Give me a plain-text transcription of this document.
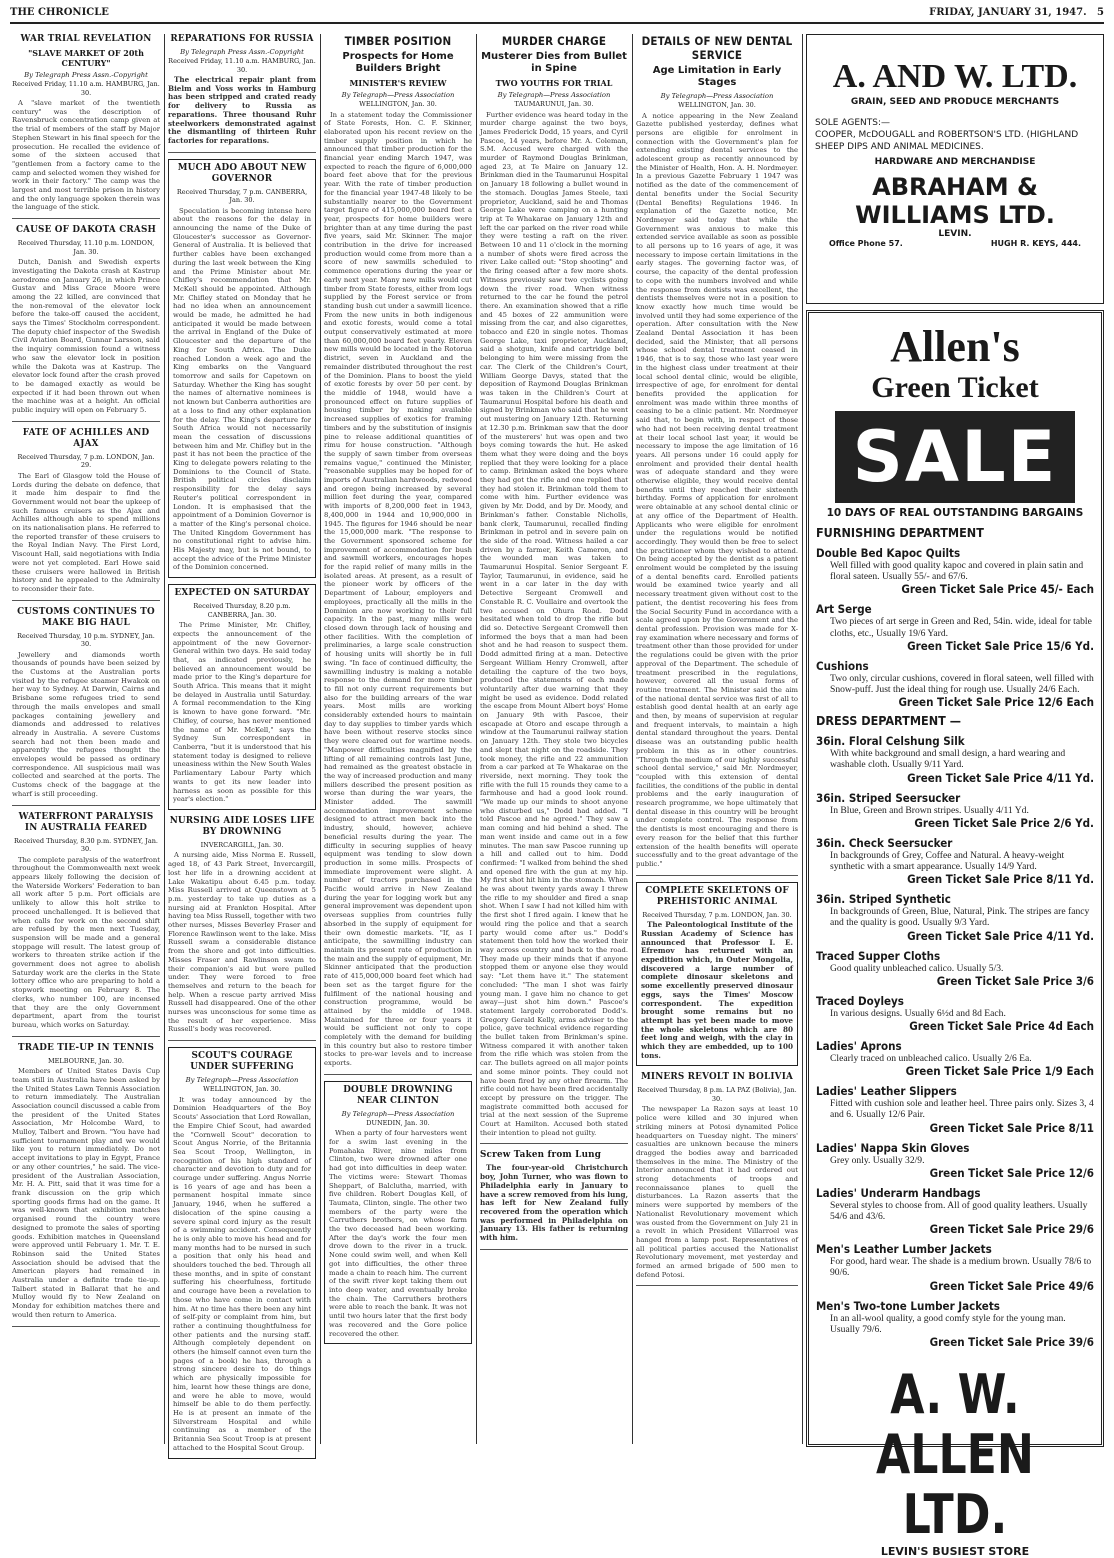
THE CHRONICLE	FRIDAY, JANUARY 31, 1947. 5
WAR TRIAL REVELATION
"SLAVE MARKET OF 20th CENTURY"
By Telegraph Press Assn.-Copyright
Received Friday, 11.10 a.m. HAMBURG, Jan. 30.
A "slave market of the twentieth century" was the description of Ravensbruck concentration camp given at the trial of members of the staff by Major Stephen Stewart in his final speech for the prosecution. He recalled the evidence of some of the sixteen accused that "gentlemen from a factory came to the camp and selected women they wished for work in their factory." The camp was the largest and most terrible prison in history and the only language spoken therein was the language of the stick.
CAUSE OF DAKOTA CRASH
Received Thursday, 11.10 p.m. LONDON, Jan. 30.
Dutch, Danish and Swedish experts investigating the Dakota crash at Kastrup aerodrome on January 26, in which Prince Gustav and Miss Grace Moore were among the 22 killed, are convinced that the non-removal of the elevator lock before the take-off caused the accident, says the Times' Stockholm correspondent. The deputy chief inspector of the Swedish Civil Aviation Board, Gunnar Larsson, said the inquiry commission found a witness who saw the elevator lock in position while the Dakota was at Kastrup. The elevator lock found after the crash proved to be damaged exactly as would be expected if it had been thrown out when the machine was at a height. An official public inquiry will open on February 5.
FATE OF ACHILLES AND AJAX
Received Thursday, 7 p.m. LONDON, Jan. 29.
The Earl of Glasgow told the House of Lords during the debate on defence, that it made him despair to find the Government would not bear the upkeep of such famous cruisers as the Ajax and Achilles although able to spend millions on its nationalisation plans. He referred to the reported transfer of these cruisers to the Royal Indian Navy. The First Lord, Viscount Hall, said negotiations with India were not yet completed. Earl Howe said these cruisers were hallowed in British history and he appealed to the Admiralty to reconsider their fate.
CUSTOMS CONTINUES TO MAKE BIG HAUL
Received Thursday, 10 p.m. SYDNEY, Jan. 30.
Jewellery and diamonds worth thousands of pounds have been seized by the Customs at the Australian ports visited by the refugee steamer Hwakok on her way to Sydney. At Darwin, Cairns and Brisbane some refugees tried to send through the mails envelopes and small packages containing jewellery and diamonds and addressed to relatives already in Australia. A severe Customs search had not then been made and apparently the refugees thought the envelopes would be passed as ordinary correspondence. All suspicious mail was collected and searched at the ports. The Customs check of the baggage at the wharf is still proceeding.
WATERFRONT PARALYSIS IN AUSTRALIA FEARED
Received Thursday, 8.30 p.m. SYDNEY, Jan. 30.
The complete paralysis of the waterfront throughout the Commonwealth next week appears likely following the decision of the Waterside Workers' Federation to ban all work after 5 p.m. Port officials are unlikely to allow this holt strike to proceed unchallenged. It is believed that when calls for work on the second shift are refused by the men next Tuesday, suspension will be made and a general stoppage will result. The latest group of workers to threaten strike action if the government does not agree to abolish Saturday work are the clerks in the State lottery office who are preparing to hold a stopwork meeting on February 8. The clerks, who number 100, are incensed that they are the only Government department, apart from the tourist bureau, which works on Saturday.
TRADE TIE-UP IN TENNIS
MELBOURNE, Jan. 30.
Members of United States Davis Cup team still in Australia have been asked by the United States Lawn Tennis Association to return immediately. The Australian Association council discussed a cable from the president of the United States Association, Mr Holcombe Ward, to Mulloy, Talbert and Brown. "You have had sufficient tournament play and we would like you to return immediately. Do not accept invitations to play in Egypt, France or any other countries," he said. The vice-president of the Australian Association, Mr. H. A. Pitt, said that it was time for a frank discussion on the grip which sporting goods firms had on the game. It was well-known that exhibition matches organised round the country were designed to promote the sales of sporting goods. Exhibition matches in Queensland were approved until February 1. Mr. T. E. Robinson said the United States Association should be advised that the American players had remained in Australia under a definite trade tie-up. Talbert stated in Ballarat that he and Mulloy would fly to New Zealand on Monday for exhibition matches there and would then return to America.
REPARATIONS FOR RUSSIA
By Telegraph Press Assn.-Copyright
Received Friday, 11.10 a.m. HAMBURG, Jan. 30.
The electrical repair plant from Bielm and Voss works in Hamburg has been stripped and crated ready for delivery to Russia as reparations. Three thousand Ruhr steelworkers demonstrated against the dismantling of thirteen Ruhr factories for reparations.
MUCH ADO ABOUT NEW GOVERNOR
Received Thursday, 7 p.m. CANBERRA, Jan. 30.
Speculation is becoming intense here about the reasons for the delay in announcing the name of the Duke of Gloucester's successor as Governor-General of Australia. It is believed that further cables have been exchanged during the last week between the King and the Prime Minister about Mr. Chifley's recommendation that Mr. McKell should be appointed. Although Mr. Chifley stated on Monday that he had no idea when an announcement would be made, he admitted he had anticipated it would be made between the arrival in England of the Duke of Gloucester and the departure of the King for South Africa. The Duke reached London a week ago and the King embarks on the Vanguard tomorrow and sails for Capetown on Saturday. Whether the King has sought the names of alternative nominees is not known but Canberra authorities are at a loss to find any other explanation for the delay. The King's departure for South Africa would not necessarily mean the cessation of discussions between him and Mr. Chifley but in the past it has not been the practice of the King to delegate powers relating to the Dominions to the Council of State. British political circles disclaim responsibility for the delay says Reuter's political correspondent in London. It is emphasised that the appointment of a Dominion Governor is a matter of the King's personal choice. The United Kingdom Government has no constitutional right to advise him. His Majesty may, but is not bound, to accept the advice of the Prime Minister of the Dominion concerned.
EXPECTED ON SATURDAY
Received Thursday, 8.20 p.m. CANBERRA, Jan. 30.
The Prime Minister, Mr. Chifley, expects the announcement of the appointment of the new Governor-General within two days. He said today that, as indicated previously, he believed an announcement would be made prior to the King's departure for South Africa. This means that it might be delayed in Australia until Saturday. A formal recommendation to the King is known to have gone forward. "Mr. Chifley, of course, has never mentioned the name of Mr. McKell," says the Sydney Sun correspondent in Canberra, "but it is understood that his statement today is designed to relieve uneasiness within the New South Wales Parliamentary Labour Party which wants to get its new leader into harness as soon as possible for this year's election."
NURSING AIDE LOSES LIFE BY DROWNING
INVERCARGILL, Jan. 30.
A nursing aide, Miss Norma E. Russell, aged 18, of 43 Park Street, Invercargill, lost her life in a drowning accident at Lake Wakatipu about 6.45 p.m. today. Miss Russell arrived at Queenstown at 5 p.m. yesterday to take up duties as a nursing aid at Frankton Hospital. After having tea Miss Russell, together with two other nurses, Misses Beverley Fraser and Florence Rawlinson went to the lake. Miss Russell swam a considerable distance from the shore and got into difficulties. Misses Fraser and Rawlinson swam to their companion's aid but were pulled under. They were forced to free themselves and return to the beach for help. When a rescue party arrived Miss Russell had disappeared. One of the other nurses was unconscious for some time as the result of her experience. Miss Russell's body was recovered.
SCOUT'S COURAGE UNDER SUFFERING
By Telegraph—Press Association
WELLINGTON, Jan. 30.
It was today announced by the Dominion Headquarters of the Boy Scouts' Association that Lord Rowallan, the Empire Chief Scout, had awarded the "Cornwell Scout" decoration to Scout Angus Norrie, of the Britannia Sea Scout Troop, Wellington, in recognition of his high standard of character and devotion to duty and for courage under suffering. Angus Norrie is 16 years of age and has been a permanent hospital inmate since January, 1946, when he suffered a dislocation of the spine causing a severe spinal cord injury as the result of a swimming accident. Consequently he is only able to move his head and for many months had to be nursed in such a position that only his head and shoulders touched the bed. Through all these months, and in spite of constant suffering his cheerfulness, fortitude and courage have been a revelation to those who have come in contact with him. At no time has there been any hint of self-pity or complaint from him, but rather a continuing thoughtfulness for other patients and the nursing staff. Although completely dependent on others (he himself cannot even turn the pages of a book) he has, through a strong sincere desire to do things which are physically impossible for him, learnt how these things are done, and were he able to move, would himself be able to do them perfectly. He is at present an inmate of the Silverstream Hospital and while continuing as a member of the Britannia Sea Scout Troop is at present attached to the Hospital Scout Group.
TIMBER POSITION
Prospects for Home Builders Bright
MINISTER'S REVIEW
By Telegraph—Press Association
WELLINGTON, Jan. 30.
In a statement today the Commissioner of State Forests, Hon. C. F. Skinner, elaborated upon his recent review on the timber supply position in which he announced that timber production for the financial year ending March 1947, was expected to reach the figure of 6,000,000 board feet above that for the previous year. With the rate of timber production for the financial year 1947-48 likely to be substantially nearer to the Government target figure of 415,000,000 board feet a year, prospects for home builders were brighter than at any time during the past five years, said Mr. Skinner. The major contribution in the drive for increased production would come from more than a score of new sawmills scheduled to commence operations during the year or early next year. Many new mills would cut timber from State forests, either from logs supplied by the Forest service or from standing bush cut under a sawmill licence. From the new units in both indigenous and exotic forests, would come a total output conservatively estimated at more than 60,000,000 board feet yearly. Eleven new mills would be located in the Rotorua district, seven in Auckland and the remainder distributed throughout the rest of the Dominion. Plans to boost the yield of exotic forests by over 50 per cent. by the middle of 1948, would have a pronounced effect on future supplies of housing timber by making available increased supplies of exotics for framing timbers and by the substitution of insignis pine to release additional quantities of rimu for house construction. "Although the supply of sawn timber from overseas remains vague," continued the Minister, "reasonable supplies may be hoped for of imports of Australian hardwoods, redwood and oregon being increased by several million feet during the year, compared with imports of 8,200,000 feet in 1943, 8,400,000 in 1944 and 10,900,000 in 1945. The figures for 1946 should be near the 15,000,000 mark. "The response to the Government sponsored scheme for improvement of accommodation for bush and sawmill workers, encourages hopes for the rapid relief of many mills in the isolated areas. At present, as a result of the pioneer work by officers of the Department of Labour, employers and employees, practically all the mills in the Dominion are now working to their full capacity. In the past, many mills were closed down through lack of housing and other facilities. With the completion of preliminaries, a large scale construction of housing units will shortly be in full swing. "In face of continued difficulty, the sawmilling industry is making a notable response to the demand for more timber to fill not only current requirements but also for the building arrears of the war years. Most mills are working considerably extended hours to maintain day to day supplies to timber yards which have been without reserve stocks since they were cleared out for wartime needs. "Manpower difficulties magnified by the lifting of all remaining controls last June, had remained as the greatest obstacle in the way of increased production and many millers described the present position as worse than during the war years, the Minister added. The sawmill accommodation improvement scheme designed to attract men back into the industry, should, however, achieve beneficial results during the year. The difficulty in securing supplies of heavy equipment was tending to slow down production in some mills. Prospects of immediate improvement were slight. A number of tractors purchased in the Pacific would arrive in New Zealand during the year for logging work but any general improvement was dependent upon overseas supplies from countries fully absorbed in the supply of equipment for their own domestic markets. "If, as I anticipate, the sawmilling industry can maintain its present rate of production in the main and the supply of equipment, Mr. Skinner anticipated that the production rate of 415,000,000 board feet which had been set as the target figure for the fulfilment of the national housing and construction programme, would be attained by the middle of 1948. Maintained for three or four years it would be sufficient not only to cope completely with the demand for building in this country but also to restore timber stocks to pre-war levels and to increase exports.
DOUBLE DROWNING NEAR CLINTON
By Telegraph—Press Association
DUNEDIN, Jan. 30.
When a party of four harvesters went for a swim last evening in the Pomahaka River, nine miles from Clinton, two were drowned after one had got into difficulties in deep water. The victims were: Stewart Thomas Sheppart, of Balclutha, married, with five children. Robert Douglas Kell, of Taumata, Clinton, single. The other two members of the party were the Carruthers brothers, on whose farm the two deceased had been working. After the day's work the four men drove down to the river in a truck. None could swim well, and when Kell got into difficulties, the other three made a chain to reach him. The current of the swift river kept taking them out into deep water, and eventually broke the chain. The Carruthers brothers were able to reach the bank. It was not until two hours later that the first body was recovered and the Gore police recovered the other.
MURDER CHARGE
Musterer Dies from Bullet in Spine
TWO YOUTHS FOR TRIAL
By Telegraph—Press Association
TAUMARUNUI, Jan. 30.
Further evidence was heard today in the murder charge against the two boys, James Frederick Dodd, 15 years, and Cyril Pascoe, 14 years, before Mr. A. Coleman, S.M. Accused were charged with the murder of Raymond Douglas Brinkman, aged 23, at Te Maire on January 12. Brinkman died in the Taumarunui Hospital on January 18 following a bullet wound in the stomach. Douglas James Steele, taxi proprietor, Auckland, said he and Thomas George Lake were camping on a hunting trip at Te Whakarae on January 12th and left the car parked on the river road while they were testing a raft on the river. Between 10 and 11 o'clock in the morning a number of shots were fired across the river. Lake called out: "Stop shooting" and the firing ceased after a few more shots. Witness previously saw two cyclists going down the river road. When witness returned to the car he found the petrol there. An examination showed that a rifle and 45 boxes of 22 ammunition were missing from the car, and also cigarettes, tobacco and £20 in single notes. Thomas George Lake, taxi proprietor, Auckland, said a shotgun, knife and cartridge belt belonging to him were missing from the car. The Clerk of the Children's Court, William George Davys, stated that the deposition of Raymond Douglas Brinkman was taken in the Children's Court at Taumarunui Hospital before his death and signed by Brinkman who said that he went out mustering on January 12th. Returning at 12.30 p.m. Brinkman saw that the door of the musterers' hut was open and two boys coming towards the hut. He asked them what they were doing and the boys replied that they were looking for a place to camp. Brinkman asked the boys where they had got the rifle and one replied that they had stolen it. Brinkman told them to come with him. Further evidence was given by Mr. Dodd, and by Dr. Moody, and Brinkman's father. Constable Nicholls, bank clerk, Taumarunui, recalled finding Brinkman in petrol and in severe pain on the side of the road. Witness hailed a car driven by a farmer, Keith Cameron, and the wounded man was taken to Taumarunui Hospital. Senior Sergeant F. Taylor, Taumarunui, in evidence, said he went in a car later in the day with Detective Sergeant Cromwell and Constable R. C. Voullaire and overtook the two accused on Ohura Road. Dodd hesitated when told to drop the rifle but did so. Detective Sergeant Cromwell then informed the boys that a man had been shot and he had reason to suspect them. Dodd admitted firing at a man. Detective Sergeant William Henry Cromwell, after detailing the capture of the two boys, produced the statements of each made voluntarily after due warning that they might be used as evidence. Dodd related the escape from Mount Albert boys' Home on January 9th with Pascoe, their escapade at Otoro and escape through a window at the Taumarunui railway station on January 12th. They stole two bicycles and slept that night on the roadside. They took money, the rifle and 22 ammunition from a car parked at Te Whakarae on the riverside, next morning. They took the rifle with the full 15 rounds they came to a farmhouse and had a good look round. "We made up our minds to shoot anyone who disturbed us," Dodd had added. "I told Pascoe and he agreed." They saw a man coming and hid behind a shed. The man went inside and came out in a few minutes. The man saw Pascoe running up a hill and called out to him. Dodd confirmed: "I walked from behind the shed and opened fire with the gun at my hip. My first shot hit him in the stomach. When he was about twenty yards away I threw the rifle to my shoulder and fired a snap shot. When I saw I had not killed him with the first shot I fired again. I knew that he would ring the police and that a search party would come after us." Dodd's statement then told how the worked their way across country and back to the road. They made up their minds that if anyone stopped them or anyone else they would say: "Let them have it." The statement concluded: "The man I shot was fairly young man. I gave him no chance to get away—just shot him down." Pascoe's statement largely corroborated Dodd's. Gregory Gerald Kelly, arms adviser to the police, gave technical evidence regarding the bullet taken from Brinkman's spine. Witness compared it with another taken from the rifle which was stolen from the car. The bullets agreed on all major points and some minor points. They could not have been fired by any other firearm. The rifle could not have been fired accidentally except by pressure on the trigger. The magistrate committed both accused for trial at the next session of the Supreme Court at Hamilton. Accused both stated their intention to plead not guilty.
Screw Taken from Lung
The four-year-old Christchurch boy, John Turner, who was flown to Philadelphia early in January to have a screw removed from his lung, has left for New Zealand fully recovered from the operation which was performed in Philadelphia on January 13. His father is returning with him.
DETAILS OF NEW DENTAL SERVICE
Age Limitation in Early Stages
By Telegraph—Press Association
WELLINGTON, Jan. 30.
A notice appearing in the New Zealand Gazette published yesterday, defines what persons are eligible for enrolment in connection with the Government's plan for extending existing dental services to the adolescent group as recently announced by the Minister of Health, Hon. A. H. Nordmeyer. In a previous Gazette February 1 1947 was notified as the date of the commencement of dental benefits under the Social Security (Dental Benefits) Regulations 1946. In explanation of the Gazette notice, Mr. Nordmeyer said today that while the Government was anxious to make this extended service available as soon as possible to all persons up to 16 years of age, it was necessary to impose certain limitations in the early stages. The governing factor was, of course, the capacity of the dental profession to cope with the numbers involved and while the response from dentists was excellent, the dentists themselves were not in a position to know exactly how much time would be involved until they had some experience of the operation. After consultation with the New Zealand Dental Association it has been decided, said the Minister, that all persons whose school dental treatment ceased in 1946, that is to say, those who last year were in the highest class under treatment at their local school dental clinic, would be eligible, irrespective of age, for enrolment for dental benefits provided the application for enrolment was made within three months of ceasing to be a clinic patient. Mr. Nordmeyer said that, to begin with, in respect of those who had not been receiving dental treatment at their local school last year, it would be necessary to impose the age limitation of 16 years. All persons under 16 could apply for enrolment and provided their dental health was of adequate standard and they were otherwise eligible, they would receive dental benefits until they reached their sixteenth birthday. Forms of application for enrolment were obtainable at any school dental clinic or at any office of the Department of Health. Applicants who were eligible for enrolment under the regulations would be notified accordingly. They would then be free to select the practitioner whom they wished to attend. On being accepted by the dentist as a patient enrolment would be completed by the issuing of a dental benefits card. Enrolled patients would be examined twice yearly and all necessary treatment given without cost to the patient, the dentist recovering his fees from the Social Security Fund in accordance with a scale agreed upon by the Government and the dental profession. Provision was made for X-ray examination where necessary and forms of treatment other than those provided for under the regulations could be given with the prior approval of the Department. The schedule of treatment prescribed in the regulations, however, covered all the usual forms of routine treatment. The Minister said the aim of the national dental service was first of all to establish good dental health at an early age and then, by means of supervision at regular and frequent intervals, to maintain a high dental standard throughout the years. Dental disease was an outstanding public health problem in this as in other countries. "Through the medium of our highly successful school dental service," said Mr. Nordmeyer, "coupled with this extension of dental facilities, the conditions of the public in dental problems and the early inauguration of research programme, we hope ultimately that dental disease in this country will be brought under complete control. The response from the dentists is most encouraging and there is every reason for the belief that this further extension of the health benefits will operate successfully and to the great advantage of the public."
COMPLETE SKELETONS OF PREHISTORIC ANIMAL
Received Thursday, 7 p.m. LONDON, Jan. 30.
The Paleontological Institute of the Russian Academy of Science has announced that Professor I. E. Efremov has returned with an expedition which, in Outer Mongolia, discovered a large number of complete dinosaur skeletons and some excellently preserved dinosaur eggs, says the Times' Moscow correspondent. The expedition brought some remains but no attempt has yet been made to move the whole skeletons which are 80 feet long and weigh, with the clay in which they are embedded, up to 100 tons.
MINERS REVOLT IN BOLIVIA
Received Thursday, 8 p.m. LA PAZ (Bolivia), Jan. 30.
The newspaper La Razon says at least 10 police were killed and 30 injured when striking miners at Potosi dynamited Police headquarters on Tuesday night. The miners' casualties are unknown because the miners dragged the bodies away and barricaded themselves in the mine. The Ministry of the Interior announced that it had ordered out strong detachments of troops and reconnaissance planes to quell the disturbances. La Razon asserts that the miners were supported by members of the Nationalist Revolutionary movement which was ousted from the Government on July 21 in a revolt in which President Villarroel was hanged from a lamp post. Representatives of all political parties accused the Nationalist Revolutionary movement, met yesterday and formed an armed brigade of 500 men to defend Potosi.
A. AND W. LTD.
GRAIN, SEED AND PRODUCE MERCHANTS
SOLE AGENTS:—
COOPER, McDOUGALL and ROBERTSON'S LTD. (HIGHLAND SHEEP DIPS AND ANIMAL MEDICINES.
HARDWARE AND MERCHANDISE
ABRAHAM & WILLIAMS LTD.
LEVIN.
Office Phone 57.	HUGH R. KEYS, 444.
Allen's
Green Ticket
SALE
10 DAYS OF REAL OUTSTANDING BARGAINS
FURNISHING DEPARTMENT
Double Bed Kapoc Quilts
Well filled with good quality kapoc and covered in plain satin and floral sateen. Usually 55/- and 67/6.
Green Ticket Sale Price 45/- Each
Art Serge
Two pieces of art serge in Green and Red, 54in. wide, ideal for table cloths, etc., Usually 19/6 Yard.
Green Ticket Sale Price 15/6 Yd.
Cushions
Two only, circular cushions, covered in floral sateen, well filled with Snow-puff. Just the ideal thing for rough use. Usually 24/6 Each.
Green Ticket Sale Price 12/6 Each
DRESS DEPARTMENT —
36in. Floral Celshung Silk
With white background and small design, a hard wearing and washable cloth. Usually 9/11 Yard.
Green Ticket Sale Price 4/11 Yd.
36in. Striped Seersucker
In Blue, Green and Brown stripes. Usually 4/11 Yd.
Green Ticket Sale Price 2/6 Yd.
36in. Check Seersucker
In backgrounds of Grey, Coffee and Natural. A heavy-weight synthetic with a smart appearance. Usually 14/9 Yard.
Green Ticket Sale Price 8/11 Yd.
36in. Striped Synthetic
In backgrounds of Green, Blue, Natural, Pink. The stripes are fancy and the quality is good. Usually 9/3 Yard.
Green Ticket Sale Price 4/11 Yd.
Traced Supper Cloths
Good quality unbleached calico. Usually 5/3.
Green Ticket Sale Price 3/6
Traced Doyleys
In various designs. Usually 6½d and 8d Each.
Green Ticket Sale Price 4d Each
Ladies' Aprons
Clearly traced on unbleached calico. Usually 2/6 Ea.
Green Ticket Sale Price 1/9 Each
Ladies' Leather Slippers
Fitted with cushion sole and leather heel. Three pairs only. Sizes 3, 4 and 6. Usually 12/6 Pair.
Green Ticket Sale Price 8/11
Ladies' Nappa Skin Gloves
Grey only. Usually 32/9.
Green Ticket Sale Price 12/6
Ladies' Underarm Handbags
Several styles to choose from. All of good quality leathers. Usually 54/6 and 43/6.
Green Ticket Sale Price 29/6
Men's Leather Lumber Jackets
For good, hard wear. The shade is a medium brown. Usually 78/6 to 90/6.
Green Ticket Sale Price 49/6
Men's Two-tone Lumber Jackets
In an all-wool quality, a good comfy style for the young man. Usually 79/6.
Green Ticket Sale Price 39/6
A. W. ALLEN LTD.
LEVIN'S BUSIEST STORE
